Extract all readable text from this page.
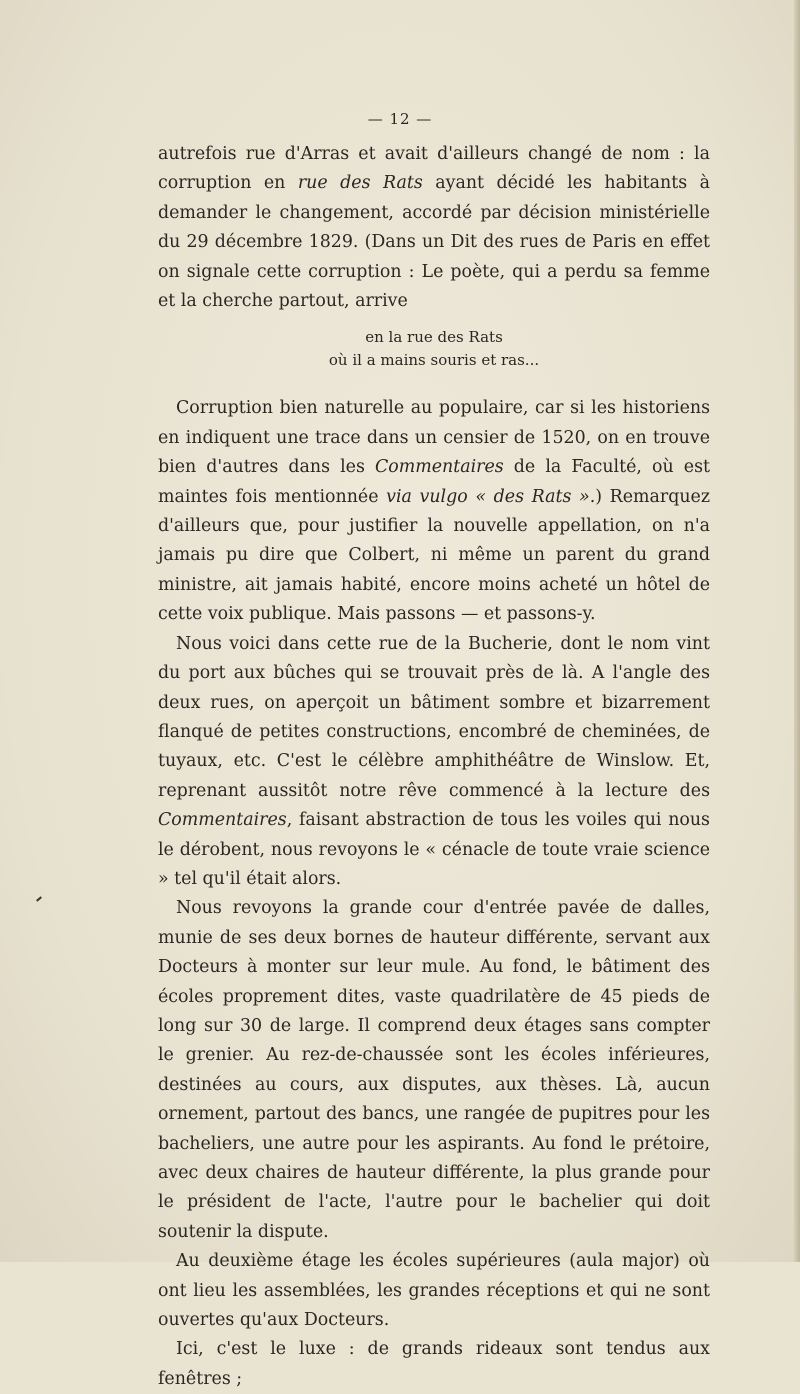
— 12 —

autrefois rue d'Arras et avait d'ailleurs changé de nom : la corruption en rue des Rats ayant décidé les habitants à demander le changement, accordé par décision ministérielle du 29 décembre 1829. (Dans un Dit des rues de Paris en effet on signale cette corruption : Le poète, qui a perdu sa femme et la cherche partout, arrive

en la rue des Rats
où il a mains souris et ras...

Corruption bien naturelle au populaire, car si les historiens en indiquent une trace dans un censier de 1520, on en trouve bien d'autres dans les Commentaires de la Faculté, où est maintes fois mentionnée via vulgo « des Rats ».) Remarquez d'ailleurs que, pour justifier la nouvelle appellation, on n'a jamais pu dire que Colbert, ni même un parent du grand ministre, ait jamais habité, encore moins acheté un hôtel de cette voix publique. Mais passons — et passons-y.

Nous voici dans cette rue de la Bucherie, dont le nom vint du port aux bûches qui se trouvait près de là. A l'angle des deux rues, on aperçoit un bâtiment sombre et bizarrement flanqué de petites constructions, encombré de cheminées, de tuyaux, etc. C'est le célèbre amphithéâtre de Winslow. Et, reprenant aussitôt notre rêve commencé à la lecture des Commentaires, faisant abstraction de tous les voiles qui nous le dérobent, nous revoyons le « cénacle de toute vraie science » tel qu'il était alors.

Nous revoyons la grande cour d'entrée pavée de dalles, munie de ses deux bornes de hauteur différente, servant aux Docteurs à monter sur leur mule. Au fond, le bâtiment des écoles proprement dites, vaste quadrilatère de 45 pieds de long sur 30 de large. Il comprend deux étages sans compter le grenier. Au rez-de-chaussée sont les écoles inférieures, destinées au cours, aux disputes, aux thèses. Là, aucun ornement, partout des bancs, une rangée de pupitres pour les bacheliers, une autre pour les aspirants. Au fond le prétoire, avec deux chaires de hauteur différente, la plus grande pour le président de l'acte, l'autre pour le bachelier qui doit soutenir la dispute.

Au deuxième étage les écoles supérieures (aula major) où ont lieu les assemblées, les grandes réceptions et qui ne sont ouvertes qu'aux Docteurs.

Ici, c'est le luxe : de grands rideaux sont tendus aux fenêtres ;
